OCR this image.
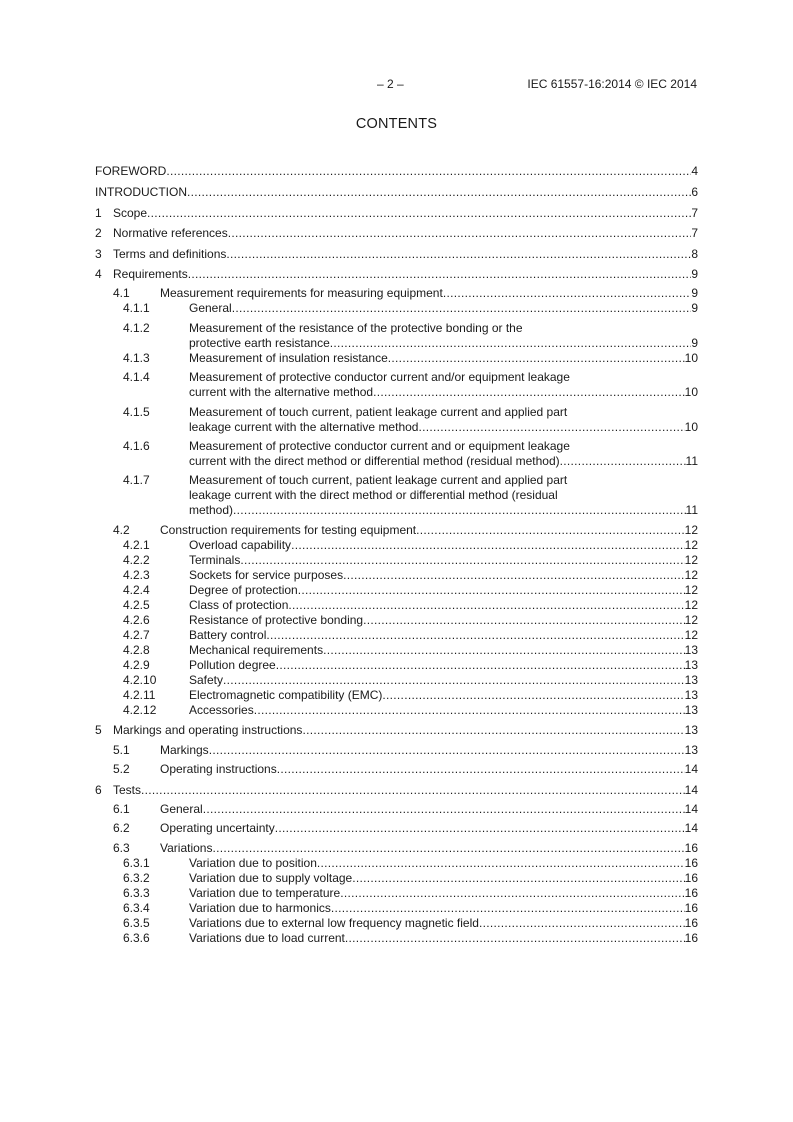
– 2 –	IEC 61557-16:2014 © IEC 2014
CONTENTS
FOREWORD .....	4
INTRODUCTION .....	6
1 Scope .....	7
2 Normative references .....	7
3 Terms and definitions .....	8
4 Requirements .....	9
4.1	Measurement requirements for measuring equipment .....	9
4.1.1	General .....	9
4.1.2	Measurement of the resistance of the protective bonding or the
protective earth resistance .....	9
4.1.3	Measurement of insulation resistance .....	10
4.1.4	Measurement of protective conductor current and/or equipment leakage
current with the alternative method .....	10
4.1.5	Measurement of touch current, patient leakage current and applied part
leakage current with the alternative method .....	10
4.1.6	Measurement of protective conductor current and or equipment leakage
current with the direct method or differential method (residual method) .....	11
4.1.7	Measurement of touch current, patient leakage current and applied part
leakage current with the direct method or differential method (residual
method) .....	11
4.2	Construction requirements for testing equipment .....	12
4.2.1	Overload capability .....	12
4.2.2	Terminals .....	12
4.2.3	Sockets for service purposes .....	12
4.2.4	Degree of protection .....	12
4.2.5	Class of protection .....	12
4.2.6	Resistance of protective bonding .....	12
4.2.7	Battery control .....	12
4.2.8	Mechanical requirements .....	13
4.2.9	Pollution degree .....	13
4.2.10	Safety .....	13
4.2.11	Electromagnetic compatibility (EMC) .....	13
4.2.12	Accessories .....	13
5 Markings and operating instructions .....	13
5.1	Markings .....	13
5.2	Operating instructions .....	14
6 Tests .....	14
6.1	General .....	14
6.2	Operating uncertainty .....	14
6.3	Variations .....	16
6.3.1	Variation due to position .....	16
6.3.2	Variation due to supply voltage .....	16
6.3.3	Variation due to temperature .....	16
6.3.4	Variation due to harmonics .....	16
6.3.5	Variations due to external low frequency magnetic field .....	16
6.3.6	Variations due to load current .....	16
